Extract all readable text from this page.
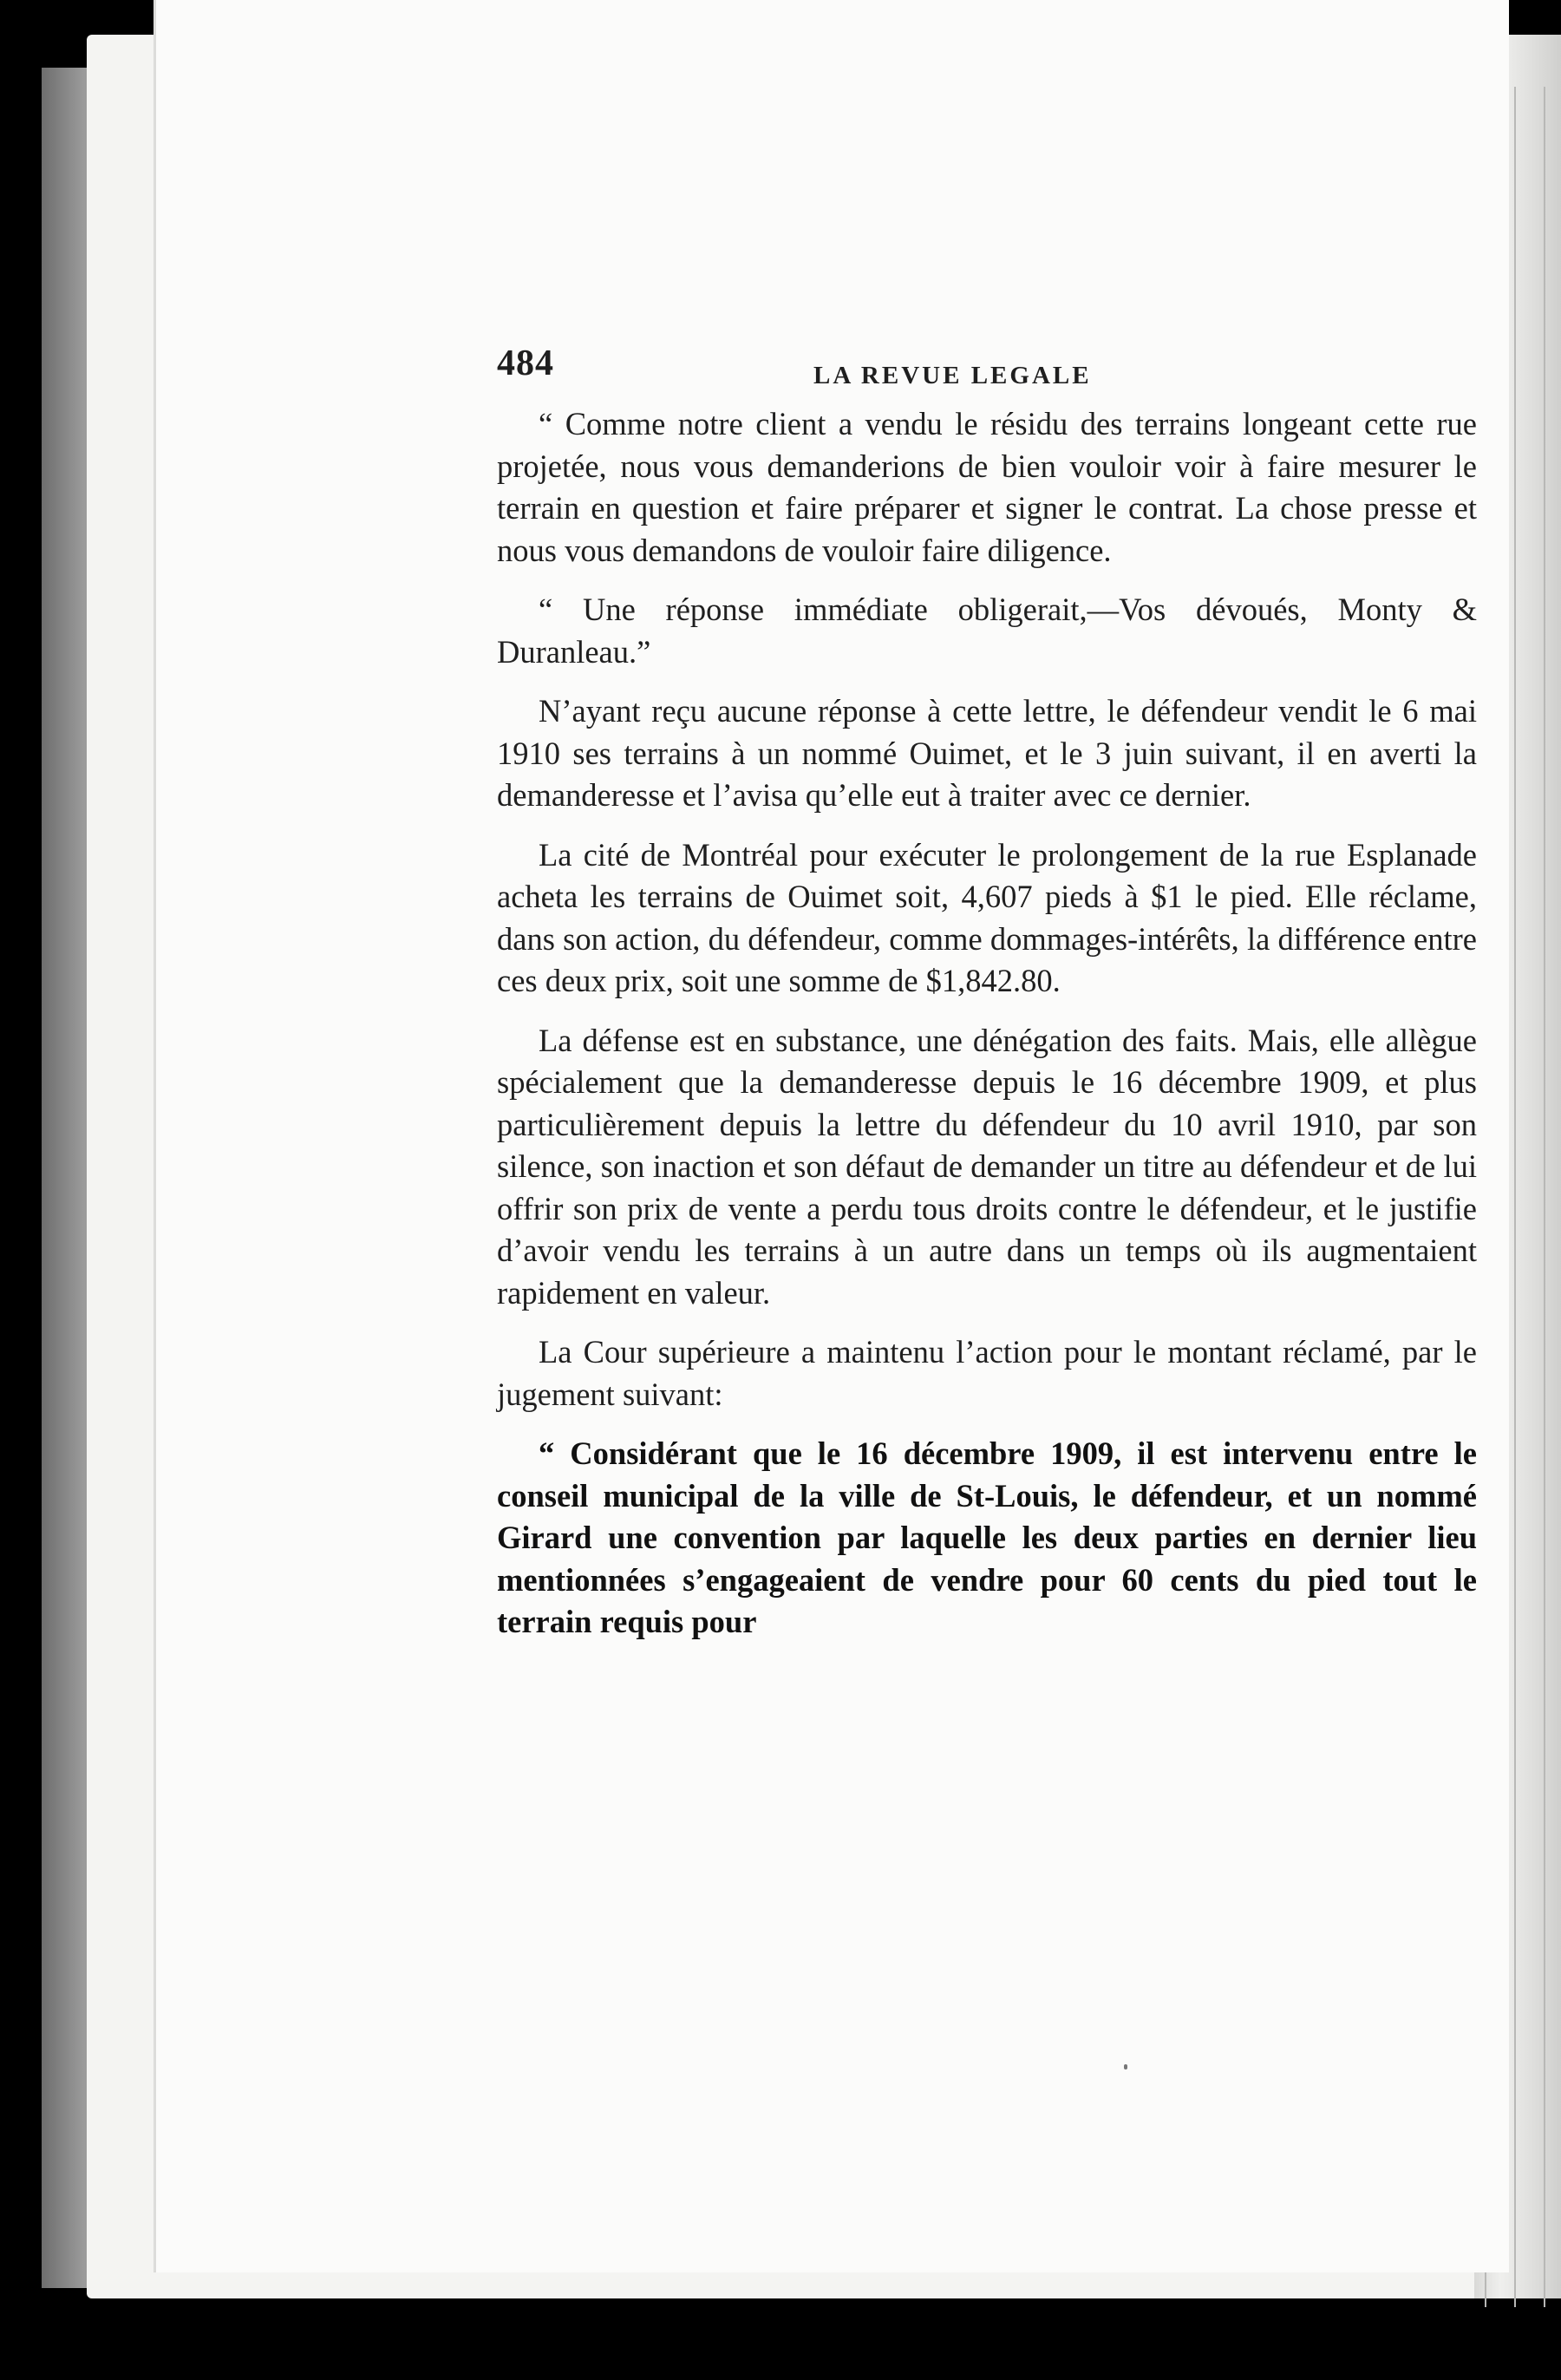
484	LA REVUE LEGALE

“ Comme notre client a vendu le résidu des terrains longeant cette rue projetée, nous vous demanderions de bien vouloir voir à faire mesurer le terrain en question et faire préparer et signer le contrat. La chose presse et nous vous demandons de vouloir faire diligence.

“ Une réponse immédiate obligerait,—Vos dévoués, Monty & Duranleau.”

N’ayant reçu aucune réponse à cette lettre, le défendeur vendit le 6 mai 1910 ses terrains à un nommé Ouimet, et le 3 juin suivant, il en averti la demanderesse et l’avisa qu’elle eut à traiter avec ce dernier.

La cité de Montréal pour exécuter le prolongement de la rue Esplanade acheta les terrains de Ouimet soit, 4,607 pieds à $1 le pied. Elle réclame, dans son action, du défendeur, comme dommages-intérêts, la différence entre ces deux prix, soit une somme de $1,842.80.

La défense est en substance, une dénégation des faits. Mais, elle allègue spécialement que la demanderesse depuis le 16 décembre 1909, et plus particulièrement depuis la lettre du défendeur du 10 avril 1910, par son silence, son inaction et son défaut de demander un titre au défendeur et de lui offrir son prix de vente a perdu tous droits contre le défendeur, et le justifie d’avoir vendu les terrains à un autre dans un temps où ils augmentaient rapidement en valeur.

La Cour supérieure a maintenu l’action pour le montant réclamé, par le jugement suivant:

“ Considérant que le 16 décembre 1909, il est intervenu entre le conseil municipal de la ville de St-Louis, le défendeur, et un nommé Girard une convention par laquelle les deux parties en dernier lieu mentionnées s’engageaient de vendre pour 60 cents du pied tout le terrain requis pour
